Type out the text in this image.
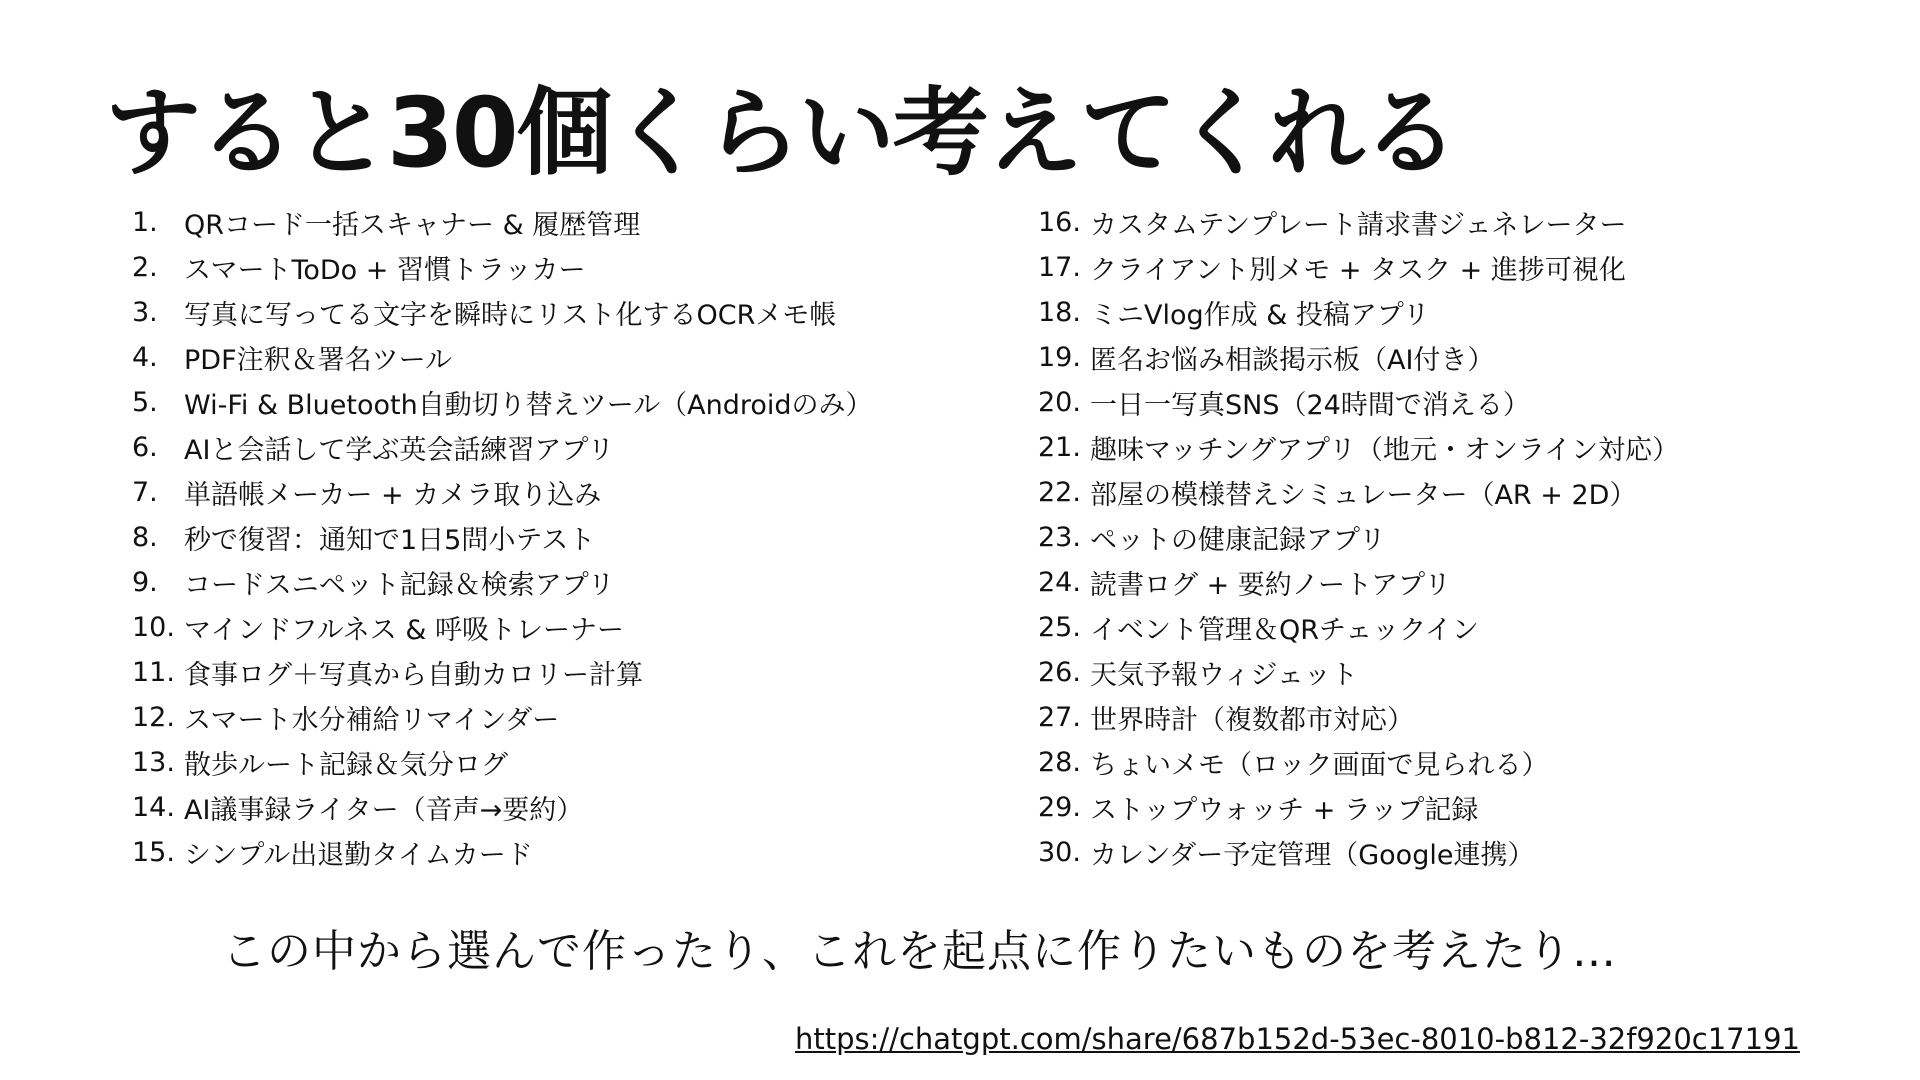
すると30個くらい考えてくれる
1. QRコード一括スキャナー & 履歴管理
2. スマートToDo + 習慣トラッカー
3. 写真に写ってる文字を瞬時にリスト化するOCRメモ帳
4. PDF注釈＆署名ツール
5. Wi-Fi & Bluetooth自動切り替えツール（Androidのみ）
6. AIと会話して学ぶ英会話練習アプリ
7. 単語帳メーカー + カメラ取り込み
8. 秒で復習：通知で1日5問小テスト
9. コードスニペット記録＆検索アプリ
10. マインドフルネス & 呼吸トレーナー
11. 食事ログ＋写真から自動カロリー計算
12. スマート水分補給リマインダー
13. 散歩ルート記録＆気分ログ
14. AI議事録ライター（音声→要約）
15. シンプル出退勤タイムカード
16. カスタムテンプレート請求書ジェネレーター
17. クライアント別メモ + タスク + 進捗可視化
18. ミニVlog作成 & 投稿アプリ
19. 匿名お悩み相談掲示板（AI付き）
20. 一日一写真SNS（24時間で消える）
21. 趣味マッチングアプリ（地元・オンライン対応）
22. 部屋の模様替えシミュレーター（AR + 2D）
23. ペットの健康記録アプリ
24. 読書ログ + 要約ノートアプリ
25. イベント管理＆QRチェックイン
26. 天気予報ウィジェット
27. 世界時計（複数都市対応）
28. ちょいメモ（ロック画面で見られる）
29. ストップウォッチ + ラップ記録
30. カレンダー予定管理（Google連携）
この中から選んで作ったり、これを起点に作りたいものを考えたり…
https://chatgpt.com/share/687b152d-53ec-8010-b812-32f920c17191
